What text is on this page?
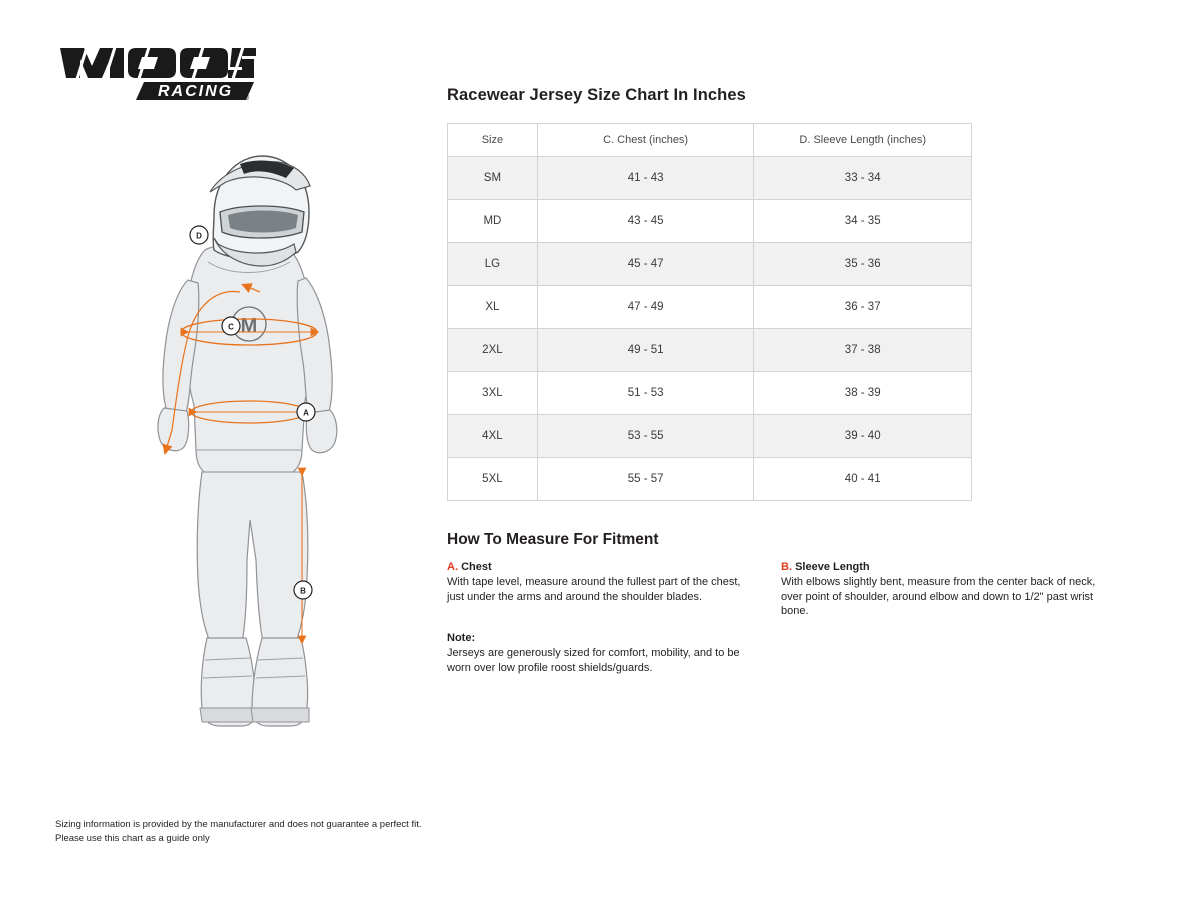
RACING ®
M
A
B
C
D
Racewear Jersey Size Chart In Inches
Size	C. Chest (inches)	D. Sleeve Length (inches)
SM	41 - 43	33 - 34
MD	43 - 45	34 - 35
LG	45 - 47	35 - 36
XL	47 - 49	36 - 37
2XL	49 - 51	37 - 38
3XL	51 - 53	38 - 39
4XL	53 - 55	39 - 40
5XL	55 - 57	40 - 41
How To Measure For Fitment
A. Chest
With tape level, measure around the fullest part of the chest, just under the arms and around the shoulder blades.
Note:
Jerseys are generously sized for comfort, mobility, and to be worn over low profile roost shields/guards.
B. Sleeve Length
With elbows slightly bent, measure from the center back of neck, over point of shoulder, around elbow and down to 1/2" past wrist bone.
Sizing information is provided by the manufacturer and does not guarantee a perfect fit.
Please use this chart as a guide only
